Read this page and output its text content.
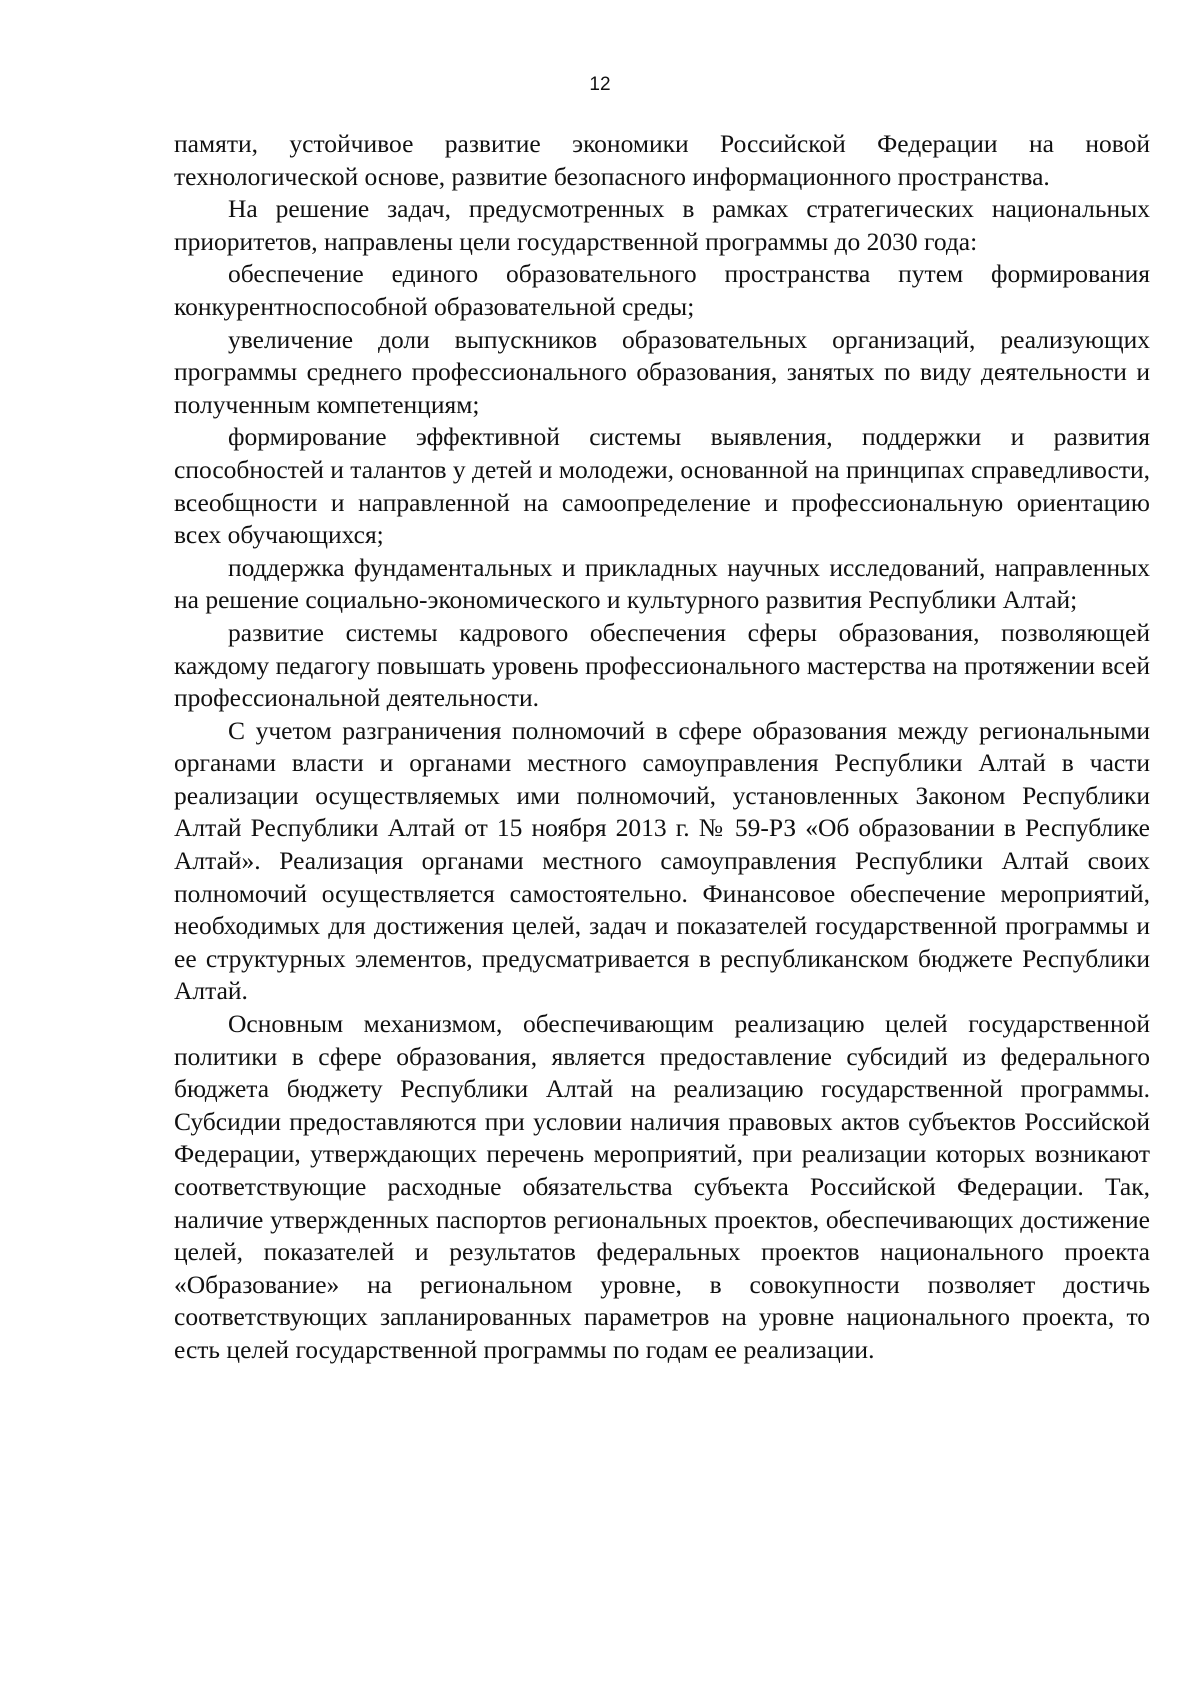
12

памяти, устойчивое развитие экономики Российской Федерации на новой технологической основе, развитие безопасного информационного пространства.

На решение задач, предусмотренных в рамках стратегических национальных приоритетов, направлены цели государственной программы до 2030 года:

обеспечение единого образовательного пространства путем формирования конкурентноспособной образовательной среды;

увеличение доли выпускников образовательных организаций, реализующих программы среднего профессионального образования, занятых по виду деятельности и полученным компетенциям;

формирование эффективной системы выявления, поддержки и развития способностей и талантов у детей и молодежи, основанной на принципах справедливости, всеобщности и направленной на самоопределение и профессиональную ориентацию всех обучающихся;

поддержка фундаментальных и прикладных научных исследований, направленных на решение социально-экономического и культурного развития Республики Алтай;

развитие системы кадрового обеспечения сферы образования, позволяющей каждому педагогу повышать уровень профессионального мастерства на протяжении всей профессиональной деятельности.

С учетом разграничения полномочий в сфере образования между региональными органами власти и органами местного самоуправления Республики Алтай в части реализации осуществляемых ими полномочий, установленных Законом Республики Алтай Республики Алтай от 15 ноября 2013 г. № 59-РЗ «Об образовании в Республике Алтай». Реализация органами местного самоуправления Республики Алтай своих полномочий осуществляется самостоятельно. Финансовое обеспечение мероприятий, необходимых для достижения целей, задач и показателей государственной программы и ее структурных элементов, предусматривается в республиканском бюджете Республики Алтай.

Основным механизмом, обеспечивающим реализацию целей государственной политики в сфере образования, является предоставление субсидий из федерального бюджета бюджету Республики Алтай на реализацию государственной программы. Субсидии предоставляются при условии наличия правовых актов субъектов Российской Федерации, утверждающих перечень мероприятий, при реализации которых возникают соответствующие расходные обязательства субъекта Российской Федерации. Так, наличие утвержденных паспортов региональных проектов, обеспечивающих достижение целей, показателей и результатов федеральных проектов национального проекта «Образование» на региональном уровне, в совокупности позволяет достичь соответствующих запланированных параметров на уровне национального проекта, то есть целей государственной программы по годам ее реализации.
